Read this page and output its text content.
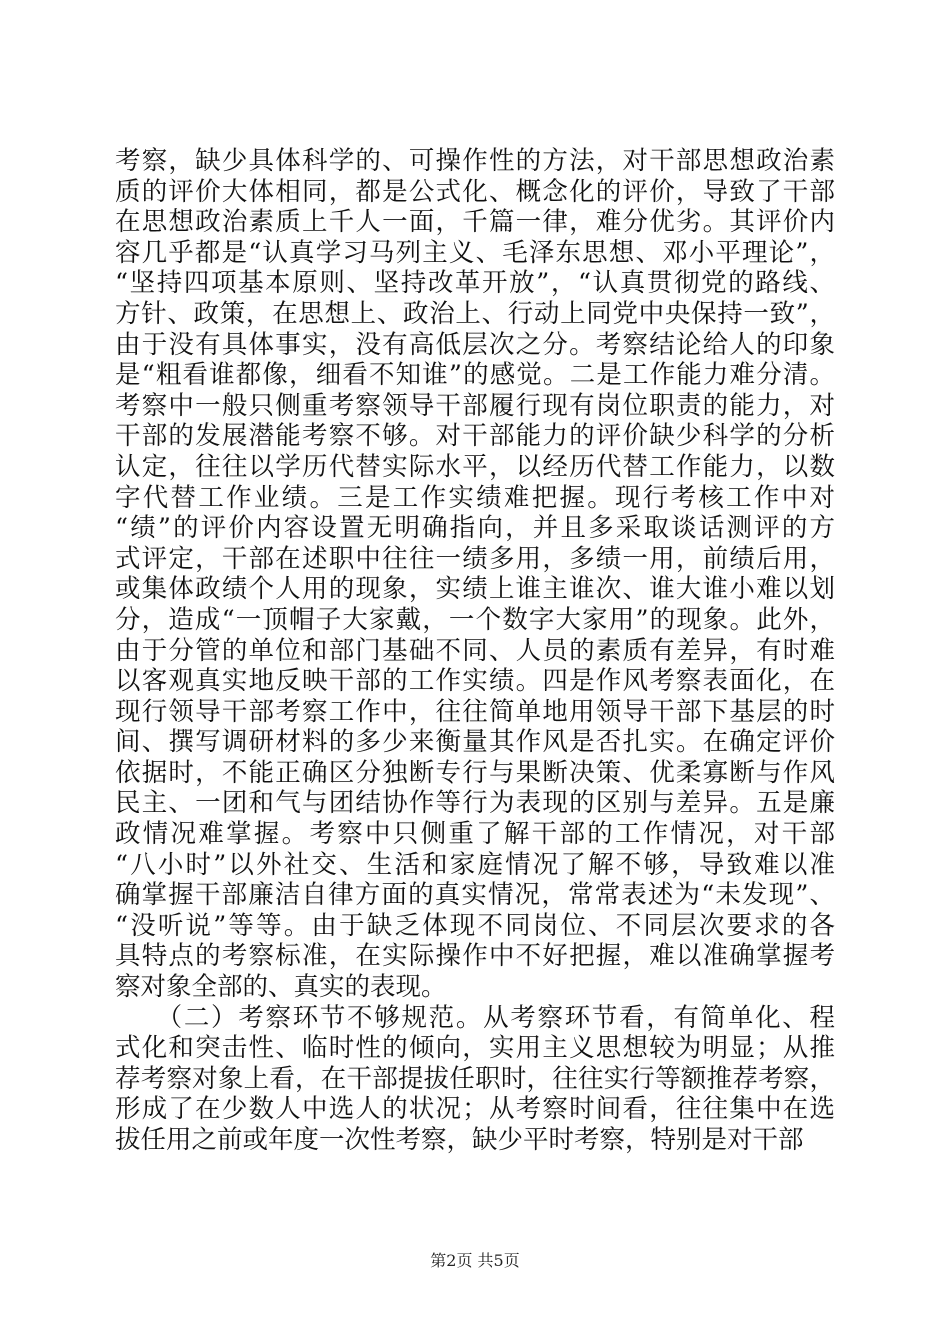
考察，缺少具体科学的、可操作性的方法，对干部思想政治素
质的评价大体相同，都是公式化、概念化的评价，导致了干部
在思想政治素质上千人一面，千篇一律，难分优劣。其评价内
容几乎都是“认真学习马列主义、毛泽东思想、邓小平理论”，
“坚持四项基本原则、坚持改革开放”，“认真贯彻党的路线、
方针、政策，在思想上、政治上、行动上同党中央保持一致”，
由于没有具体事实，没有高低层次之分。考察结论给人的印象
是“粗看谁都像，细看不知谁”的感觉。二是工作能力难分清。
考察中一般只侧重考察领导干部履行现有岗位职责的能力，对
干部的发展潜能考察不够。对干部能力的评价缺少科学的分析
认定，往往以学历代替实际水平，以经历代替工作能力，以数
字代替工作业绩。三是工作实绩难把握。现行考核工作中对
“绩”的评价内容设置无明确指向，并且多采取谈话测评的方
式评定，干部在述职中往往一绩多用，多绩一用，前绩后用，
或集体政绩个人用的现象，实绩上谁主谁次、谁大谁小难以划
分，造成“一顶帽子大家戴，一个数字大家用”的现象。此外，
由于分管的单位和部门基础不同、人员的素质有差异，有时难
以客观真实地反映干部的工作实绩。四是作风考察表面化，在
现行领导干部考察工作中，往往简单地用领导干部下基层的时
间、撰写调研材料的多少来衡量其作风是否扎实。在确定评价
依据时，不能正确区分独断专行与果断决策、优柔寡断与作风
民主、一团和气与团结协作等行为表现的区别与差异。五是廉
政情况难掌握。考察中只侧重了解干部的工作情况，对干部
“八小时”以外社交、生活和家庭情况了解不够，导致难以准
确掌握干部廉洁自律方面的真实情况，常常表述为“未发现”、
“没听说”等等。由于缺乏体现不同岗位、不同层次要求的各
具特点的考察标准，在实际操作中不好把握，难以准确掌握考
察对象全部的、真实的表现。
　　（二）考察环节不够规范。从考察环节看，有简单化、程
式化和突击性、临时性的倾向，实用主义思想较为明显；从推
荐考察对象上看，在干部提拔任职时，往往实行等额推荐考察，
形成了在少数人中选人的状况；从考察时间看，往往集中在选
拔任用之前或年度一次性考察，缺少平时考察，特别是对干部
第2页 共5页
